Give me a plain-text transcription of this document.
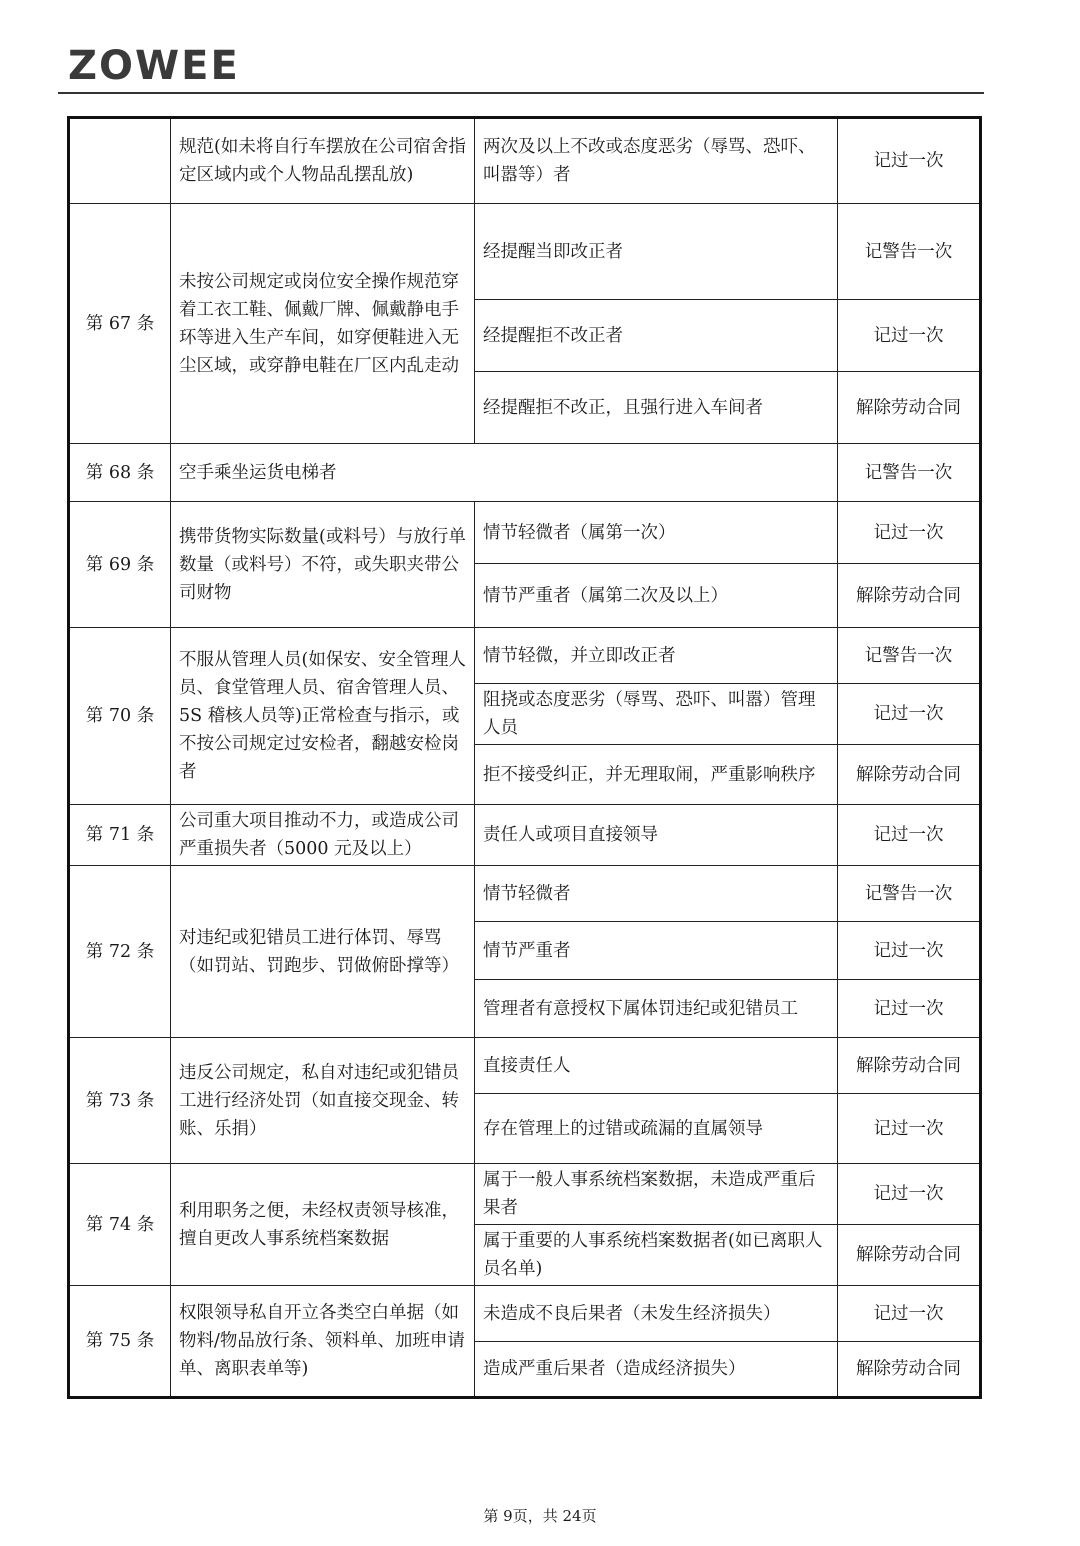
ZOWEE
	规范(如未将自行车摆放在公司宿舍指定区域内或个人物品乱摆乱放)	两次及以上不改或态度恶劣（辱骂、恐吓、叫嚣等）者	记过一次
第 67 条	未按公司规定或岗位安全操作规范穿着工衣工鞋、佩戴厂牌、佩戴静电手环等进入生产车间，如穿便鞋进入无尘区域，或穿静电鞋在厂区内乱走动	经提醒当即改正者	记警告一次
		经提醒拒不改正者	记过一次
		经提醒拒不改正，且强行进入车间者	解除劳动合同
第 68 条	空手乘坐运货电梯者		记警告一次
第 69 条	携带货物实际数量(或料号）与放行单数量（或料号）不符，或失职夹带公司财物	情节轻微者（属第一次）	记过一次
		情节严重者（属第二次及以上）	解除劳动合同
第 70 条	不服从管理人员(如保安、安全管理人员、食堂管理人员、宿舍管理人员、5S 稽核人员等)正常检查与指示，或不按公司规定过安检者，翻越安检岗者	情节轻微，并立即改正者	记警告一次
		阻挠或态度恶劣（辱骂、恐吓、叫嚣）管理人员	记过一次
		拒不接受纠正，并无理取闹，严重影响秩序	解除劳动合同
第 71 条	公司重大项目推动不力，或造成公司严重损失者（5000 元及以上）	责任人或项目直接领导	记过一次
第 72 条	对违纪或犯错员工进行体罚、辱骂（如罚站、罚跑步、罚做俯卧撑等）	情节轻微者	记警告一次
		情节严重者	记过一次
		管理者有意授权下属体罚违纪或犯错员工	记过一次
第 73 条	违反公司规定，私自对违纪或犯错员工进行经济处罚（如直接交现金、转账、乐捐）	直接责任人	解除劳动合同
		存在管理上的过错或疏漏的直属领导	记过一次
第 74 条	利用职务之便，未经权责领导核准，擅自更改人事系统档案数据	属于一般人事系统档案数据，未造成严重后果者	记过一次
		属于重要的人事系统档案数据者(如已离职人员名单)	解除劳动合同
第 75 条	权限领导私自开立各类空白单据（如物料/物品放行条、领料单、加班申请单、离职表单等)	未造成不良后果者（未发生经济损失）	记过一次
		造成严重后果者（造成经济损失）	解除劳动合同
第 9页，共 24页
